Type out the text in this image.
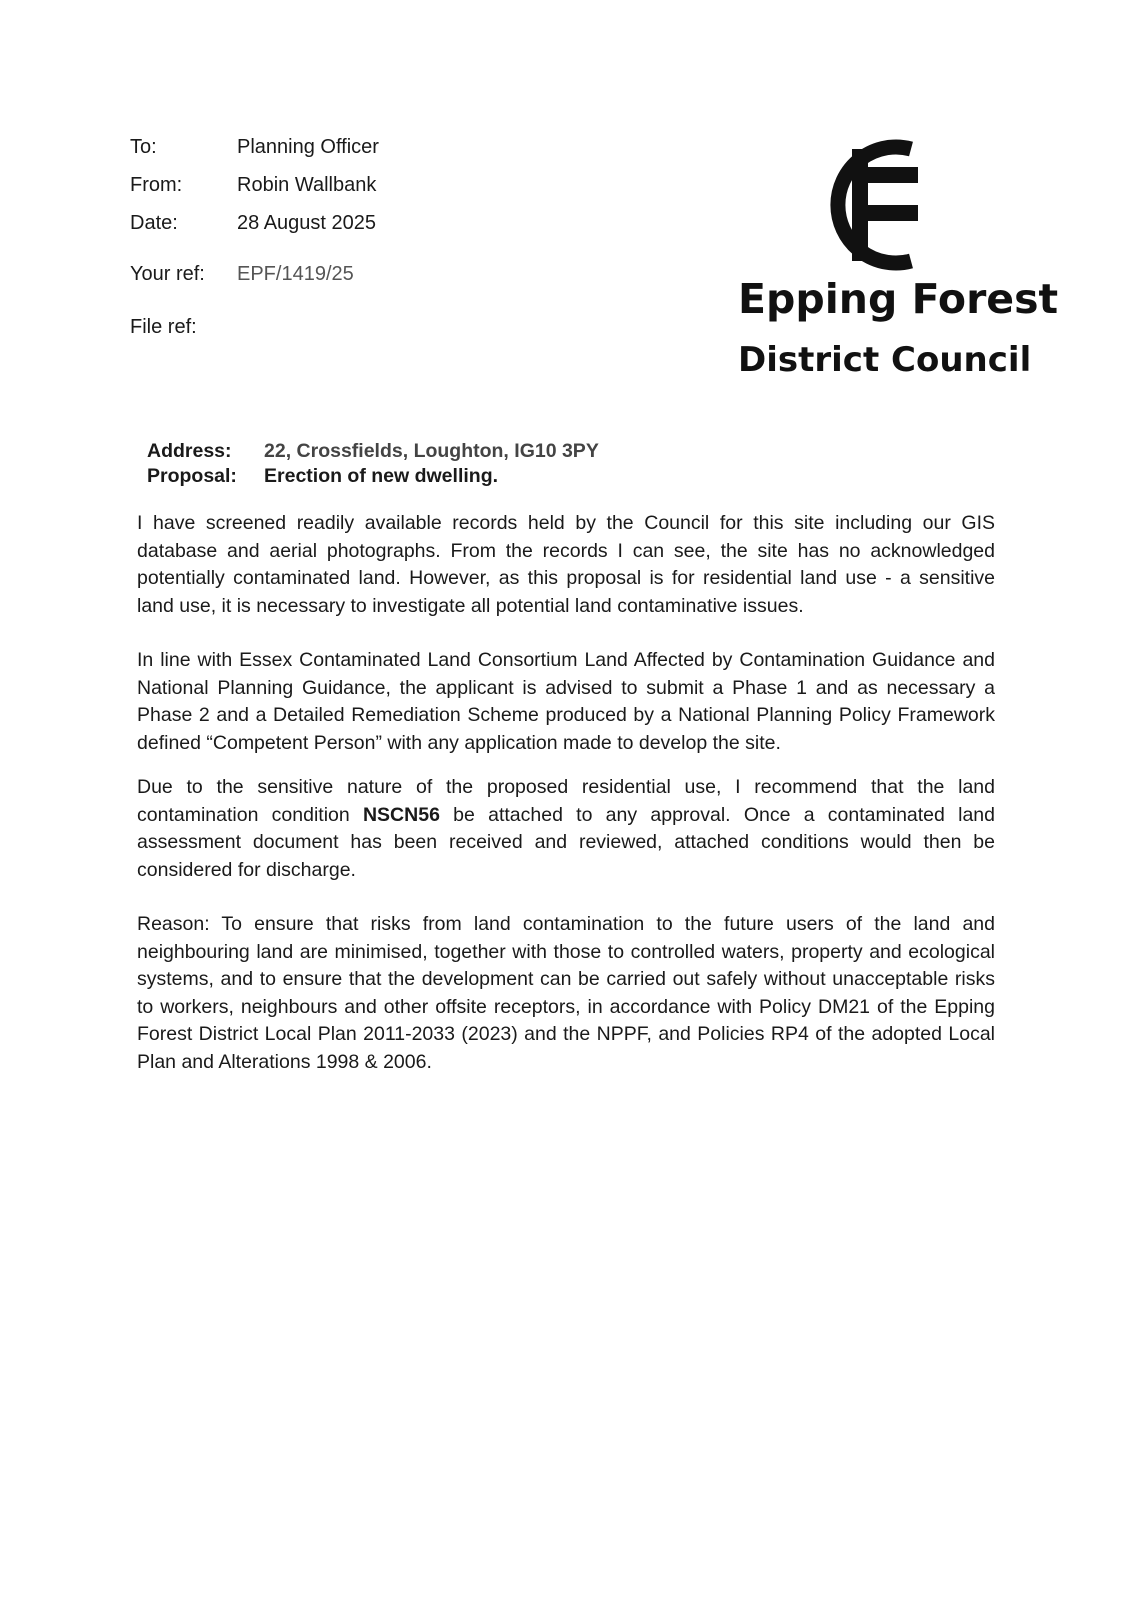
To:	Planning Officer
From:	Robin Wallbank
Date:	28 August 2025
Your ref:	EPF/1419/25
File ref:
Epping Forest
District Council
Address: 22, Crossfields, Loughton, IG10 3PY
Proposal: Erection of new dwelling.

I have screened readily available records held by the Council for this site including our GIS database and aerial photographs. From the records I can see, the site has no acknowledged potentially contaminated land. However, as this proposal is for residential land use - a sensitive land use, it is necessary to investigate all potential land contaminative issues.

In line with Essex Contaminated Land Consortium Land Affected by Contamination Guidance and National Planning Guidance, the applicant is advised to submit a Phase 1 and as necessary a Phase 2 and a Detailed Remediation Scheme produced by a National Planning Policy Framework defined “Competent Person” with any application made to develop the site.

Due to the sensitive nature of the proposed residential use, I recommend that the land contamination condition NSCN56 be attached to any approval. Once a contaminated land assessment document has been received and reviewed, attached conditions would then be considered for discharge.

Reason: To ensure that risks from land contamination to the future users of the land and neighbouring land are minimised, together with those to controlled waters, property and ecological systems, and to ensure that the development can be carried out safely without unacceptable risks to workers, neighbours and other offsite receptors, in accordance with Policy DM21 of the Epping Forest District Local Plan 2011-2033 (2023) and the NPPF, and Policies RP4 of the adopted Local Plan and Alterations 1998 & 2006.
